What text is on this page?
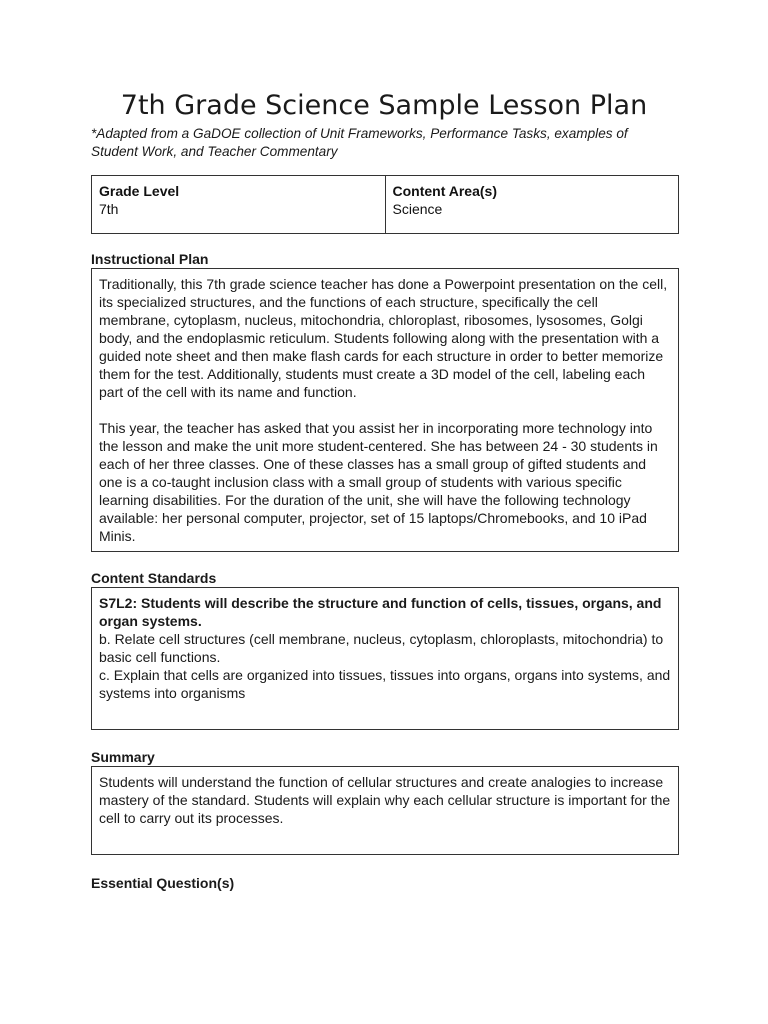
7th Grade Science Sample Lesson Plan
*Adapted from a GaDOE collection of Unit Frameworks, Performance Tasks, examples of Student Work, and Teacher Commentary
Grade Level
7th
Content Area(s)
Science
Instructional Plan

Traditionally, this 7th grade science teacher has done a Powerpoint presentation on the cell, its specialized structures, and the functions of each structure, specifically the cell membrane, cytoplasm, nucleus, mitochondria, chloroplast, ribosomes, lysosomes, Golgi body, and the endoplasmic reticulum. Students following along with the presentation with a guided note sheet and then make flash cards for each structure in order to better memorize them for the test. Additionally, students must create a 3D model of the cell, labeling each part of the cell with its name and function.

This year, the teacher has asked that you assist her in incorporating more technology into the lesson and make the unit more student-centered. She has between 24 - 30 students in each of her three classes. One of these classes has a small group of gifted students and one is a co-taught inclusion class with a small group of students with various specific learning disabilities. For the duration of the unit, she will have the following technology available: her personal computer, projector, set of 15 laptops/Chromebooks, and 10 iPad Minis.

Content Standards
S7L2: Students will describe the structure and function of cells, tissues, organs, and organ systems.

b. Relate cell structures (cell membrane, nucleus, cytoplasm, chloroplasts, mitochondria) to basic cell functions.

c. Explain that cells are organized into tissues, tissues into organs, organs into systems, and systems into organisms

Summary

Students will understand the function of cellular structures and create analogies to increase mastery of the standard. Students will explain why each cellular structure is important for the cell to carry out its processes.

Essential Question(s)
